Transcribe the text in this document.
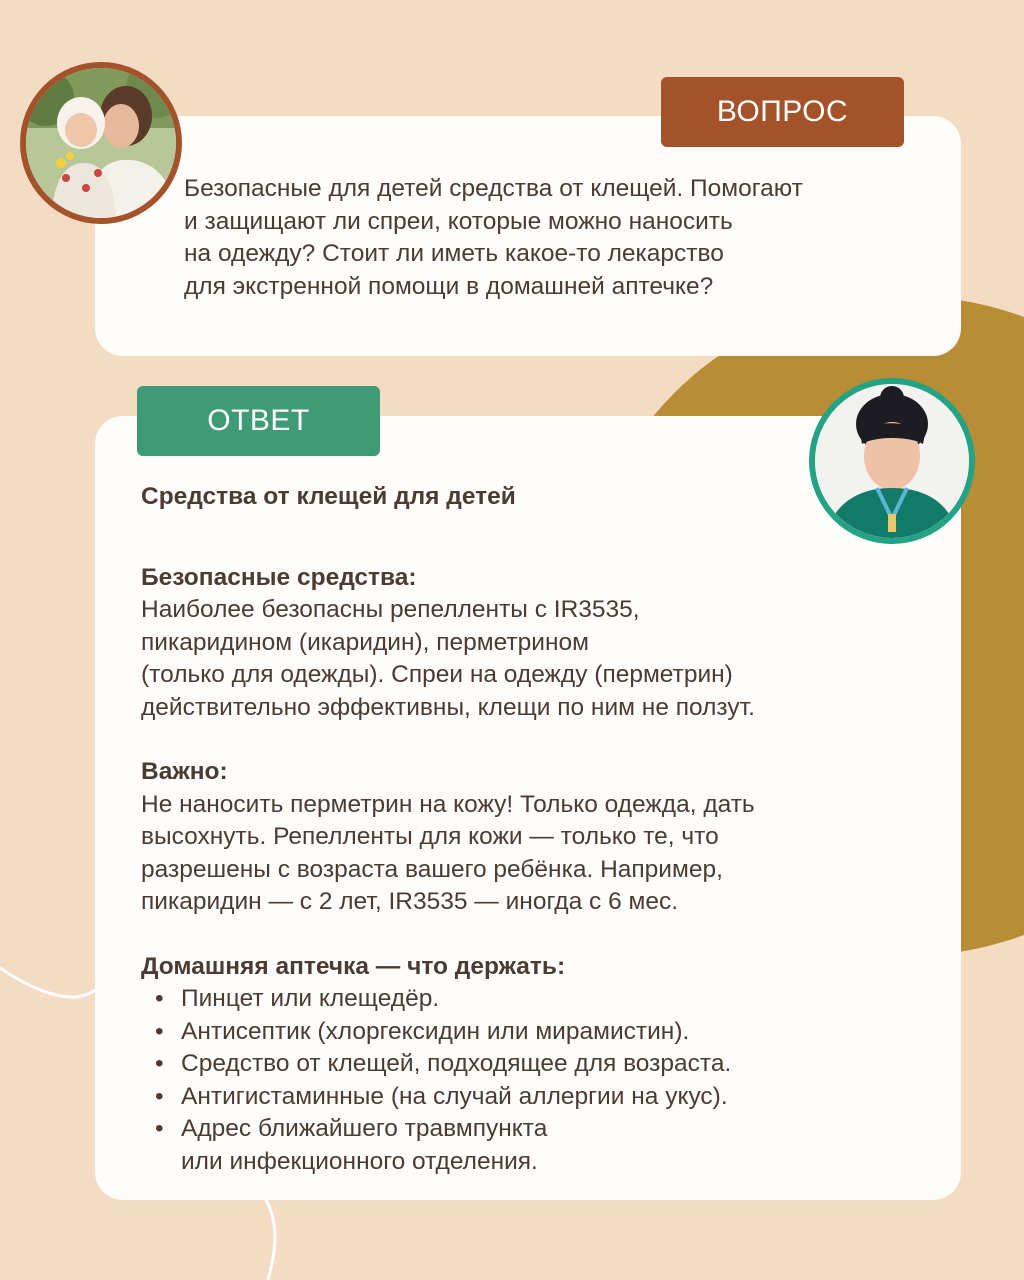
ВОПРОС
Безопасные для детей средства от клещей. Помогают
и защищают ли спреи, которые можно наносить
на одежду? Стоит ли иметь какое-то лекарство
для экстренной помощи в домашней аптечке?
ОТВЕТ
Средства от клещей для детей
Безопасные средства:
Наиболее безопасны репелленты с IR3535,
пикаридином (икаридин), перметрином
(только для одежды). Спреи на одежду (перметрин)
действительно эффективны, клещи по ним не ползут.
Важно:
Не наносить перметрин на кожу! Только одежда, дать
высохнуть. Репелленты для кожи — только те, что
разрешены с возраста вашего ребёнка. Например,
пикаридин — с 2 лет, IR3535 — иногда с 6 мес.
Домашняя аптечка — что держать:
• Пинцет или клещедёр.
• Антисептик (хлоргексидин или мирамистин).
• Средство от клещей, подходящее для возраста.
• Антигистаминные (на случай аллергии на укус).
• Адрес ближайшего травмпункта
или инфекционного отделения.
